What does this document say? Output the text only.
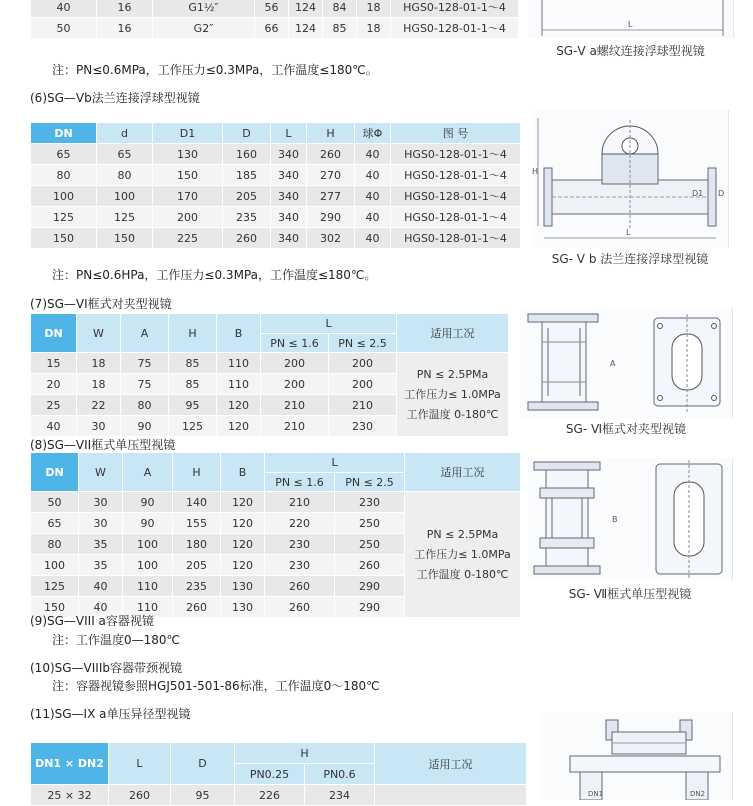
40	16	G1½″	56	124	84	18	HGS0-128-01-1～4
50	16	G2″	66	124	85	18	HGS0-128-01-1～4	L
SG-Ⅴ a螺纹连接浮球型视镜
注：PN≤0.6MPa，工作压力≤0.3MPa，工作温度≤180℃。
(6)SG—Vb法兰连接浮球型视镜
DN	d	D1	D	L	H	球Φ	图 号
65	65	130	160	340	260	40	HGS0-128-01-1～4
80	80	150	185	340	270	40	HGS0-128-01-1～4
100	100	170	205	340	277	40	HGS0-128-01-1～4
125	125	200	235	340	290	40	HGS0-128-01-1～4
150	150	225	260	340	302	40	HGS0-128-01-1～4
H
D1 D
L
SG- Ⅴ b 法兰连接浮球型视镜
注：PN≤0.6HPa，工作压力≤0.3MPa，工作温度≤180℃。
(7)SG—VI框式对夹型视镜
DN	W	A	H	B	L		适用工况
					PN ≤ 1.6	PN ≤ 2.5	
15	18	75	85	110	200	200	PN ≤ 2.5PMa
工作压力≤ 1.0MPa
工作温度 0-180℃

20	18	75	85	110	200	200	
25	22	80	95	120	210	210	
40	30	90	125	120	210	230	
A
SG- Ⅵ框式对夹型视镜
(8)SG—VII框式单压型视镜
DN	W	A	H	B	L		适用工况
					PN ≤ 1.6	PN ≤ 2.5	
50	30	90	140	120	210	230	PN ≤ 2.5PMa
工作压力≤ 1.0MPa
工作温度 0-180℃

65	30	90	155	120	220	250	
80	35	100	180	120	230	250	
100	35	100	205	120	230	260	
125	40	110	235	130	260	290	
150	40	110	260	130	260	290	
B
SG- Ⅶ框式单压型视镜
(9)SG—VIII a容器视镜
注：工作温度0—180℃
(10)SG—VIIIb容器带颈视镜
注：容器视镜参照HGJ501-501-86标准，工作温度0～180℃
(11)SG—IX a单压异径型视镜
DN1 × DN2	L	D	H		适用工况
			PN0.25	PN0.6	
25 × 32	260	95	226	234		DN1	DN2
